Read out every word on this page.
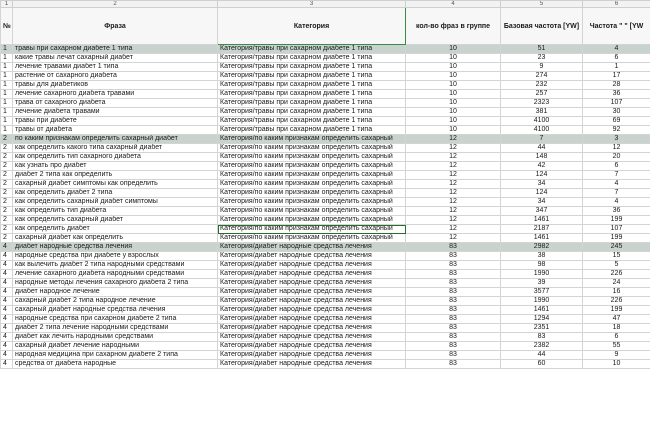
1	2	3	4	5	6
№	Фраза	Категория	кол-во фраз в группе	Базовая частота [YW]	Частота " " [YW
1	травы при сахарном диабете 1 типа	Категория/травы при сахарном диабете 1 типа	10	51	4
1	какие травы лечат сахарный диабет	Категория/травы при сахарном диабете 1 типа	10	23	6
1	лечение травами диабет 1 типа	Категория/травы при сахарном диабете 1 типа	10	9	1
1	растение от сахарного диабета	Категория/травы при сахарном диабете 1 типа	10	274	17
1	травы для диабетиков	Категория/травы при сахарном диабете 1 типа	10	232	28
1	лечение сахарного диабета травами	Категория/травы при сахарном диабете 1 типа	10	257	36
1	трава от сахарного диабета	Категория/травы при сахарном диабете 1 типа	10	2323	107
1	лечение диабета травами	Категория/травы при сахарном диабете 1 типа	10	381	30
1	травы при диабете	Категория/травы при сахарном диабете 1 типа	10	4100	69
1	травы от диабета	Категория/травы при сахарном диабете 1 типа	10	4100	92
2	по каким признакам определить сахарный диабет	Категория/по каким признакам определить сахарный	12	7	3
2	как определить какого типа сахарный диабет	Категория/по каким признакам определить сахарный	12	44	12
2	как определить тип сахарного диабета	Категория/по каким признакам определить сахарный	12	148	20
2	как узнать про диабет	Категория/по каким признакам определить сахарный	12	42	6
2	диабет 2 типа как определить	Категория/по каким признакам определить сахарный	12	124	7
2	сахарный диабет симптомы как определить	Категория/по каким признакам определить сахарный	12	34	4
2	как определить диабет 2 типа	Категория/по каким признакам определить сахарный	12	124	7
2	как определить сахарный диабет симптомы	Категория/по каким признакам определить сахарный	12	34	4
2	как определить тип диабета	Категория/по каким признакам определить сахарный	12	347	36
2	как определить сахарный диабет	Категория/по каким признакам определить сахарный	12	1461	199
2	как определить диабет	Категория/по каким признакам определить сахарный	12	2187	107
2	сахарный диабет как определить	Категория/по каким признакам определить сахарный	12	1461	199
4	диабет народные средства лечения	Категория/диабет народные средства лечения	83	2982	245
4	народные средства при диабете у взрослых	Категория/диабет народные средства лечения	83	38	15
4	как вылечить диабет 2 типа народными средствами	Категория/диабет народные средства лечения	83	98	5
4	лечение сахарного диабета народными средствами	Категория/диабет народные средства лечения	83	1990	226
4	народные методы лечения сахарного диабета 2 типа	Категория/диабет народные средства лечения	83	39	24
4	диабет народное лечение	Категория/диабет народные средства лечения	83	3577	16
4	сахарный диабет 2 типа народное лечение	Категория/диабет народные средства лечения	83	1990	226
4	сахарный диабет народные средства лечения	Категория/диабет народные средства лечения	83	1461	199
4	народные средства при сахарном диабете 2 типа	Категория/диабет народные средства лечения	83	1294	47
4	диабет 2 типа лечение народными средствами	Категория/диабет народные средства лечения	83	2351	18
4	диабет как лечить народными средствами	Категория/диабет народные средства лечения	83	83	6
4	сахарный диабет лечение народными	Категория/диабет народные средства лечения	83	2382	55
4	народная медицина при сахарном диабете 2 типа	Категория/диабет народные средства лечения	83	44	9
4	средства от диабета народные	Категория/диабет народные средства лечения	83	60	10
